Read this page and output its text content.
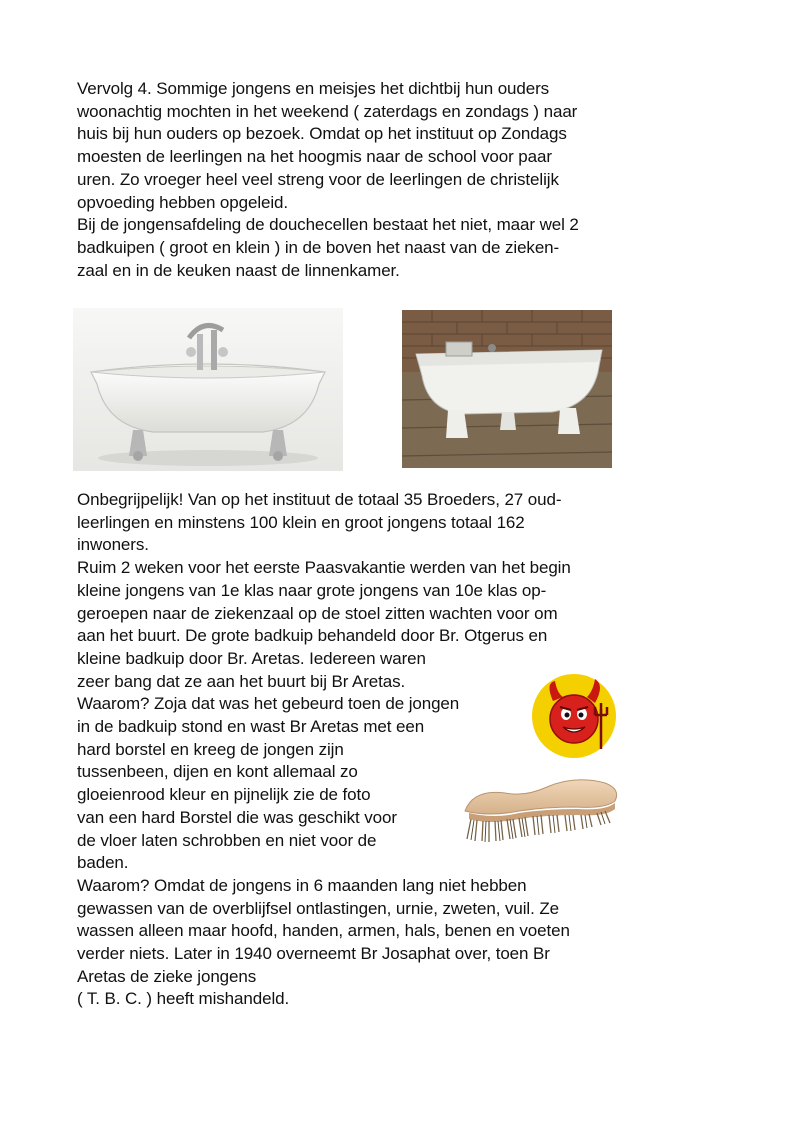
Vervolg 4. Sommige jongens en meisjes het dichtbij hun ouders
woonachtig mochten in het weekend ( zaterdags en zondags ) naar
huis bij hun ouders op bezoek. Omdat op het instituut op Zondags
moesten de leerlingen na het hoogmis naar de school voor paar
uren. Zo vroeger heel veel streng voor de leerlingen de christelijk
opvoeding hebben opgeleid.
Bij de jongensafdeling de douchecellen bestaat het niet, maar wel 2
badkuipen ( groot en klein ) in de boven het naast van de zieken-
zaal en in de keuken naast de linnenkamer.
Onbegrijpelijk! Van op het instituut de totaal 35 Broeders, 27 oud-
leerlingen en minstens 100 klein en groot jongens totaal 162
inwoners.
Ruim 2 weken voor het eerste Paasvakantie werden van het begin
kleine jongens van 1e klas naar grote jongens van 10e klas op-
geroepen naar de ziekenzaal op de stoel zitten wachten voor om
aan het buurt. De grote badkuip behandeld door Br. Otgerus en
kleine badkuip door Br. Aretas. Iedereen waren
zeer bang dat ze aan het buurt bij Br Aretas.
Waarom? Zoja dat was het gebeurd toen de jongen
in de badkuip stond en wast Br Aretas met een
hard borstel en kreeg de jongen zijn
tussenbeen, dijen en kont allemaal zo
gloeienrood kleur en pijnelijk zie de foto
van een hard Borstel die was geschikt voor
de vloer laten schrobben en niet voor de
baden.
Waarom? Omdat de jongens in 6 maanden lang niet hebben
gewassen van de overblijfsel ontlastingen, urnie, zweten, vuil. Ze
wassen alleen maar hoofd, handen, armen, hals, benen en voeten
verder niets. Later in 1940 overneemt Br Josaphat over, toen Br
Aretas de zieke jongens
( T. B. C. ) heeft mishandeld.
